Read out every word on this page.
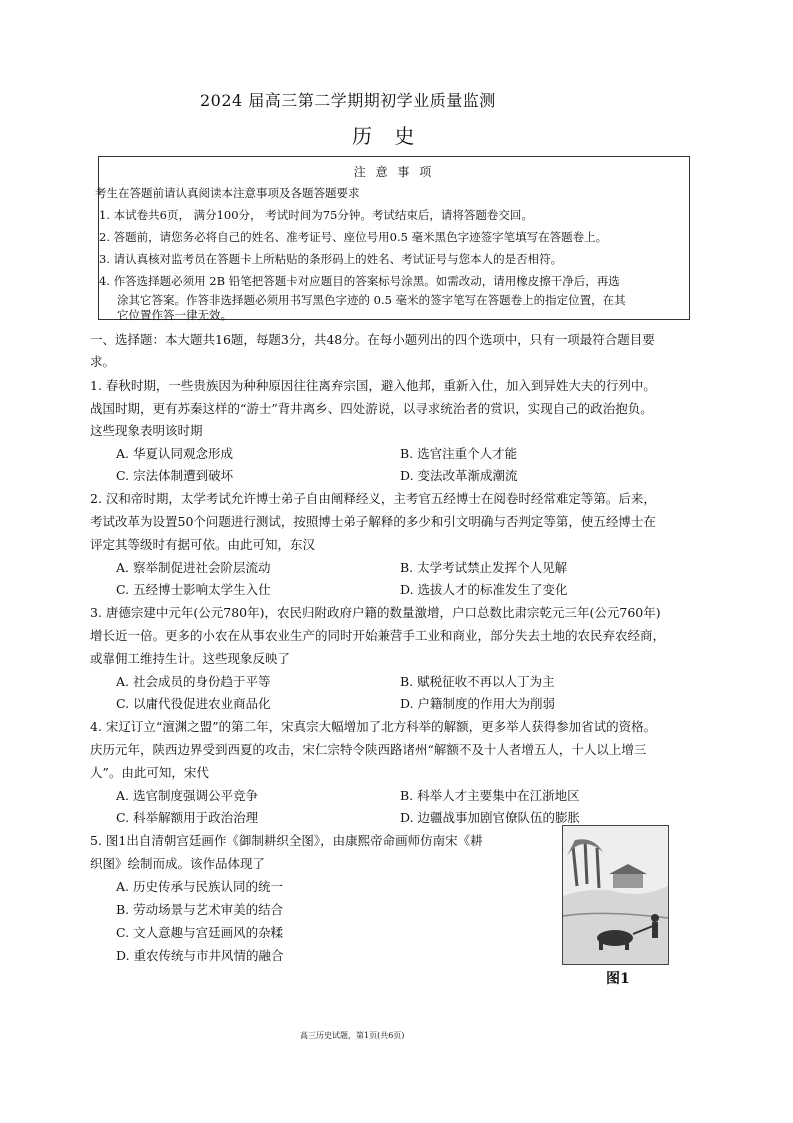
2024 届高三第二学期期初学业质量监测
历 史
注 意 事 项
考生在答题前请认真阅读本注意事项及各题答题要求
1. 本试卷共6页， 满分100分， 考试时间为75分钟。考试结束后，请将答题卷交回。
2. 答题前，请您务必将自己的姓名、准考证号、座位号用0.5 毫米黑色字迹签字笔填写在答题卷上。
3. 请认真核对监考员在答题卡上所粘贴的条形码上的姓名、考试证号与您本人的是否相符。
4. 作答选择题必须用 2B 铅笔把答题卡对应题目的答案标号涂黑。如需改动，请用橡皮擦干净后，再选
涂其它答案。作答非选择题必须用书写黑色字迹的 0.5 毫米的签字笔写在答题卷上的指定位置，在其
它位置作答一律无效。
一、选择题：本大题共16题，每题3分，共48分。在每小题列出的四个选项中，只有一项最符合题目要
求。
1. 春秋时期，一些贵族因为种种原因往往离弃宗国，避入他邦，重新入仕，加入到异姓大夫的行列中。
战国时期，更有苏秦这样的“游士”背井离乡、四处游说，以寻求统治者的赏识，实现自己的政治抱负。
这些现象表明该时期
A. 华夏认同观念形成	B. 选官注重个人才能
C. 宗法体制遭到破坏	D. 变法改革渐成潮流
2. 汉和帝时期，太学考试允许博士弟子自由阐释经义，主考官五经博士在阅卷时经常难定等第。后来，
考试改革为设置50个问题进行测试，按照博士弟子解释的多少和引文明确与否判定等第，使五经博士在
评定其等级时有据可依。由此可知，东汉
A. 察举制促进社会阶层流动	B. 太学考试禁止发挥个人见解
C. 五经博士影响太学生入仕	D. 选拔人才的标准发生了变化
3. 唐德宗建中元年(公元780年)，农民归附政府户籍的数量激增，户口总数比肃宗乾元三年(公元760年)
增长近一倍。更多的小农在从事农业生产的同时开始兼营手工业和商业，部分失去土地的农民弃农经商，
或靠佣工维持生计。这些现象反映了
A. 社会成员的身份趋于平等	B. 赋税征收不再以人丁为主
C. 以庸代役促进农业商品化	D. 户籍制度的作用大为削弱
4. 宋辽订立“澶渊之盟”的第二年，宋真宗大幅增加了北方科举的解额，更多举人获得参加省试的资格。
庆历元年，陕西边界受到西夏的攻击，宋仁宗特令陕西路诸州“解额不及十人者增五人，十人以上增三
人”。由此可知，宋代
A. 选官制度强调公平竞争	B. 科举人才主要集中在江浙地区
C. 科举解额用于政治治理	D. 边疆战事加剧官僚队伍的膨胀
5. 图1出自清朝宫廷画作《御制耕织全图》，由康熙帝命画师仿南宋《耕
织图》绘制而成。该作品体现了
A. 历史传承与民族认同的统一
B. 劳动场景与艺术审美的结合
C. 文人意趣与宫廷画风的杂糅
D. 重农传统与市井风情的融合
图1
高三历史试题，第1页(共6页)
